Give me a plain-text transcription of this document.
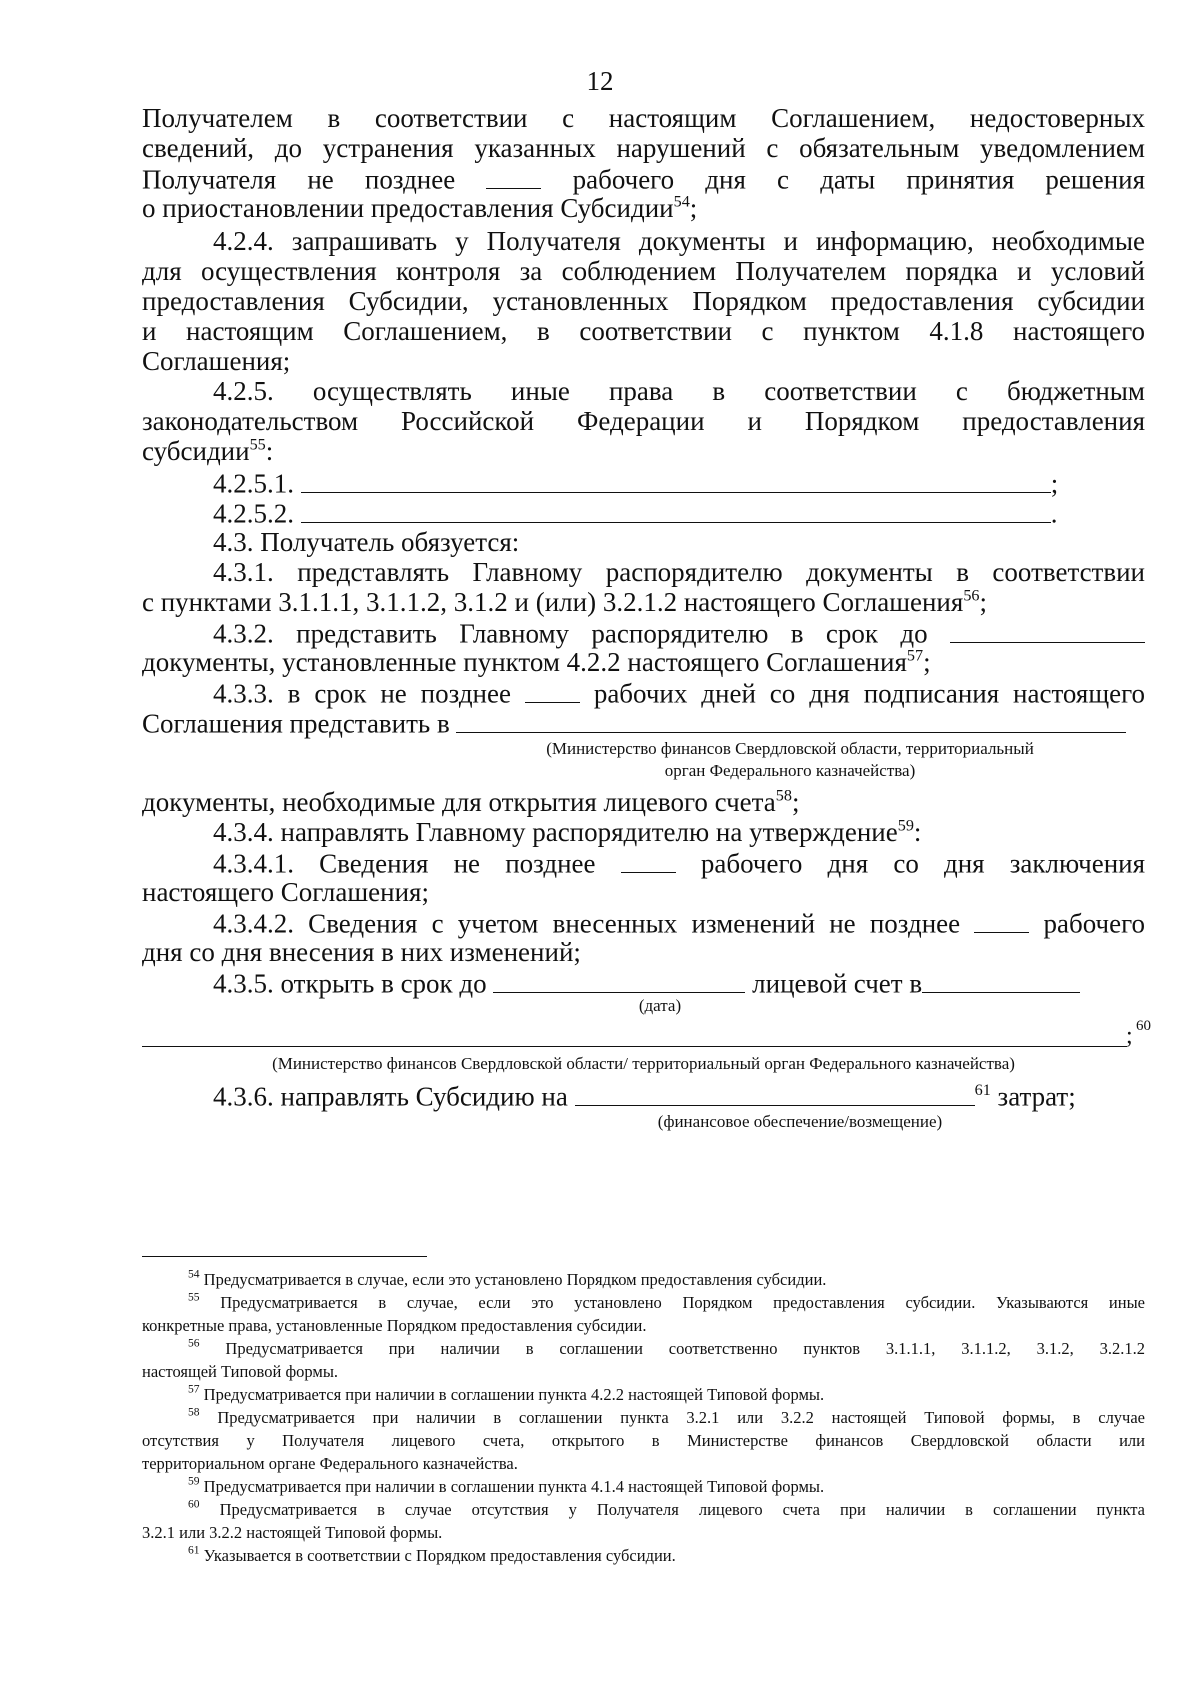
12
Получателем в соответствии с настоящим Соглашением, недостоверных
сведений, до устранения указанных нарушений с обязательным уведомлением
Получателя не позднее	рабочего дня с даты принятия решения
о приостановлении предоставления Субсидии$^{54}$;
4.2.4. запрашивать у Получателя документы и информацию, необходимые
для осуществления контроля за соблюдением Получателем порядка и условий
предоставления Субсидии, установленных Порядком предоставления субсидии
и настоящим Соглашением, в соответствии с пунктом 4.1.8 настоящего
Соглашения;
4.2.5. осуществлять иные права в соответствии с бюджетным
законодательством Российской Федерации и Порядком предоставления
субсидии$^{55}$:
4.2.5.1.	;
4.2.5.2.	.
4.3. Получатель обязуется:
4.3.1. представлять Главному распорядителю документы в соответствии
с пунктами 3.1.1.1, 3.1.1.2, 3.1.2 и (или) 3.2.1.2 настоящего Соглашения$^{56}$;
4.3.2. представить Главному распорядителю в срок до
документы, установленные пунктом 4.2.2 настоящего Соглашения$^{57}$;
4.3.3. в срок не позднее	рабочих дней со дня подписания настоящего
Соглашения представить в
(Министерство финансов Свердловской области, территориальный
орган Федерального казначейства)
документы, необходимые для открытия лицевого счета$^{58}$;
4.3.4. направлять Главному распорядителю на утверждение$^{59}$:
4.3.4.1. Сведения не позднее	рабочего дня со дня заключения
настоящего Соглашения;
4.3.4.2. Сведения с учетом внесенных изменений не позднее	рабочего
дня со дня внесения в них изменений;
4.3.5. открыть в срок до	лицевой счет в
(дата)
; 60
(Министерство финансов Свердловской области/ территориальный орган Федерального казначейства)
4.3.6. направлять Субсидию на	$^{61}$ затрат;
(финансовое обеспечение/возмещение)
$^{54}$ Предусматривается в случае, если это установлено Порядком предоставления субсидии.
$^{55}$ Предусматривается в случае, если это установлено Порядком предоставления субсидии. Указываются иные
конкретные права, установленные Порядком предоставления субсидии.
$^{56}$ Предусматривается при наличии в соглашении соответственно пунктов 3.1.1.1, 3.1.1.2, 3.1.2, 3.2.1.2
настоящей Типовой формы.
$^{57}$ Предусматривается при наличии в соглашении пункта 4.2.2 настоящей Типовой формы.
$^{58}$ Предусматривается при наличии в соглашении пункта 3.2.1 или 3.2.2 настоящей Типовой формы, в случае
отсутствия у Получателя лицевого счета, открытого в Министерстве финансов Свердловской области или
территориальном органе Федерального казначейства.
$^{59}$ Предусматривается при наличии в соглашении пункта 4.1.4 настоящей Типовой формы.
$^{60}$ Предусматривается в случае отсутствия у Получателя лицевого счета при наличии в соглашении пункта
3.2.1 или 3.2.2 настоящей Типовой формы.
$^{61}$ Указывается в соответствии с Порядком предоставления субсидии.
